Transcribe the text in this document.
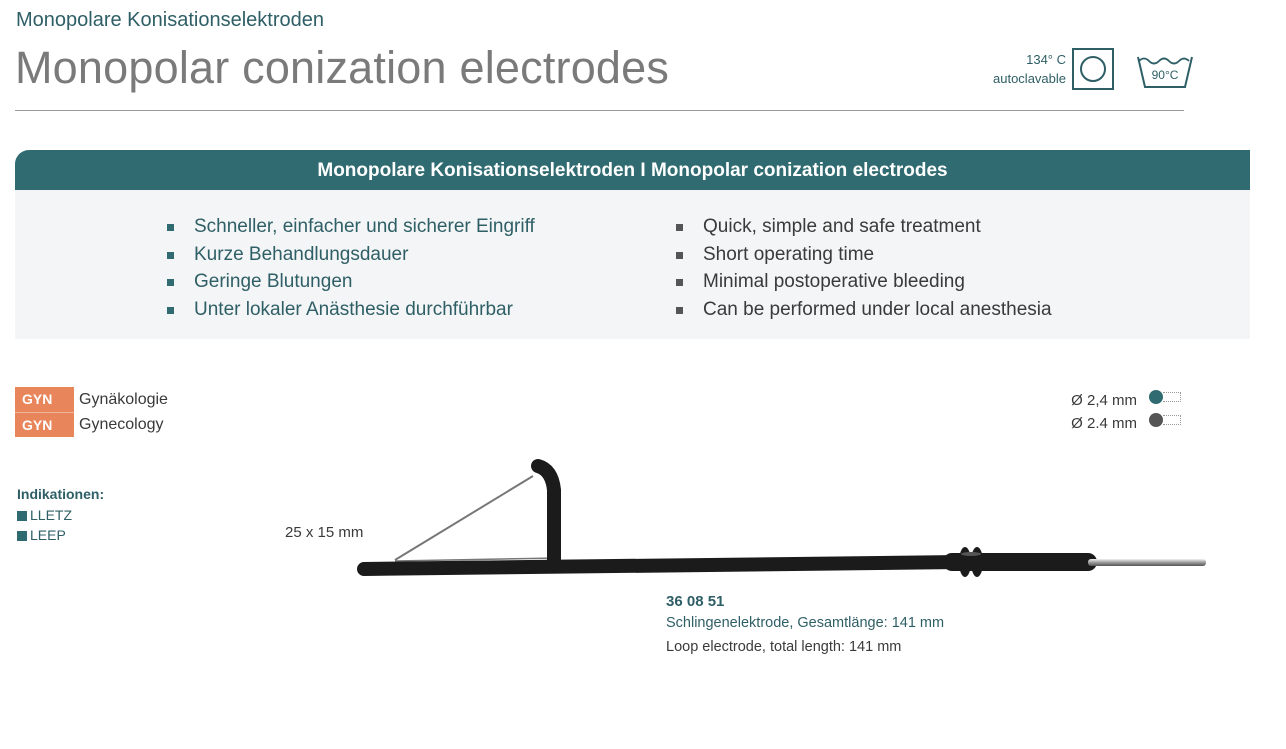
Monopolare Konisationselektroden
Monopolar conization electrodes	134° C
autoclavable	90°C
Monopolare Konisationselektroden I Monopolar conization electrodes
Schneller, einfacher und sicherer Eingriff
Kurze Behandlungsdauer
Geringe Blutungen
Unter lokaler Anästhesie durchführbar
Quick, simple and safe treatment
Short operating time
Minimal postoperative bleeding
Can be performed under local anesthesia
GYN
GYN
Gynäkologie
Gynecology
Indikationen:
LLETZ
LEEP
Ø 2,4 mm
Ø 2.4 mm
25 x 15 mm
36 08 51
Schlingenelektrode, Gesamtlänge: 141 mm
Loop electrode, total length: 141 mm
